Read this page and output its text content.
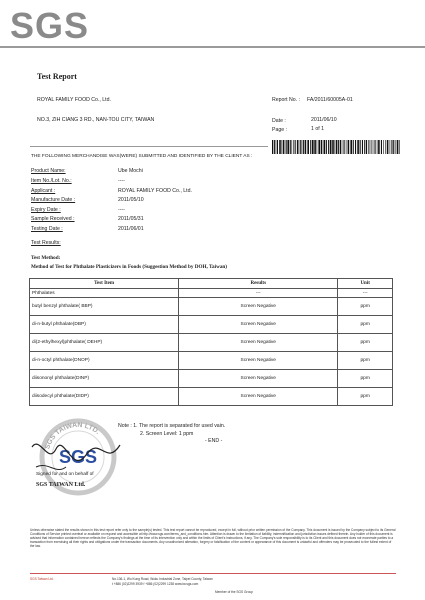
SGS
Test Report
ROYAL FAMILY FOOD Co., Ltd.
NO.3, ZIH CIANG 3 RD., NAN-TOU CITY, TAIWAN
Report No. : FA/2011/60005A-01
Date :	2011/06/10
Page :	1 of 1
THE FOLLOWING MERCHANDISE WAS(WERE) SUBMITTED AND IDENTIFIED BY THE CLIENT AS :
Product Name:	Ube Mochi
Item No./Lot. No.:	----
Applicant :	ROYAL FAMILY FOOD Co., Ltd.
Manufacture Date :	2011/05/10
Expiry Date :	----
Sample Received :	2011/05/31
Testing Date :	2011/06/01
Test Results:
Test Method:
Method of Test for Phthalate Plasticizers in Foods (Suggestion Method by DOH, Taiwan)
Test Item	Results	Unit
Phthalates	---	---
butyl benzyl phthalate( BBP)	Screen Negative	ppm
di-n-butyl phthalate(DBP)	Screen Negative	ppm
di(2-ethylhexyl)phthalate( DEHP)	Screen Negative	ppm
di-n-octyl phthalate(DNOP)	Screen Negative	ppm
diisononyl phthalate(DINP)	Screen Negative	ppm
diisodecyl phthalate(DIDP)	Screen Negative	ppm
Note : 1. The report is separated for used vain.
2. Screen Level: 1 ppm
- END -
SGS TAIWAN LTD.
SGS
Signed for and on behalf of
SGS TAIWAN Ltd.
Unless otherwise stated the results shown in this test report refer only to the sample(s) tested. This test report cannot be reproduced, except in full, without prior written permission of the Company. This document is issued by the Company subject to its General Conditions of Service printed overleaf or available on request and accessible at http://www.sgs.com/terms_and_conditions.htm. Attention is drawn to the limitation of liability, indemnification and jurisdiction issues defined therein. Any holder of this document is advised that information contained hereon reflects the Company's findings at the time of its intervention only and within the limits of Client's instructions, if any. The Company's sole responsibility is to its Client and this document does not exonerate parties to a transaction from exercising all their rights and obligations under the transaction documents. Any unauthorized alteration, forgery or falsification of the content or appearance of this document is unlawful and offenders may be prosecuted to the fullest extent of the law.
SGS Taiwan Ltd.	No.136-1, Wu Kung Road, Wuku Industrial Zone, Taipei County, Taiwan
t +886 (02)2299 3939 f +886 (02)2299 1238 www.tw.sgs.com
Member of the SGS Group
